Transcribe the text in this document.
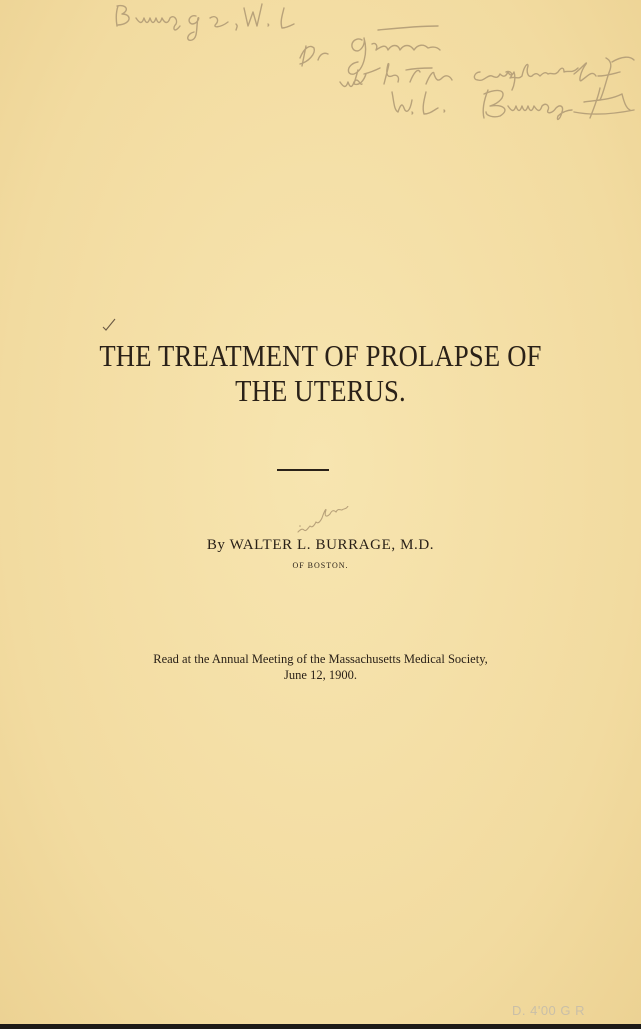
THE TREATMENT OF PROLAPSE OF
THE UTERUS.
By WALTER L. BURRAGE, M.D.
OF BOSTON.
Read at the Annual Meeting of the Massachusetts Medical Society,
June 12, 1900.
D. 4'00 G R
